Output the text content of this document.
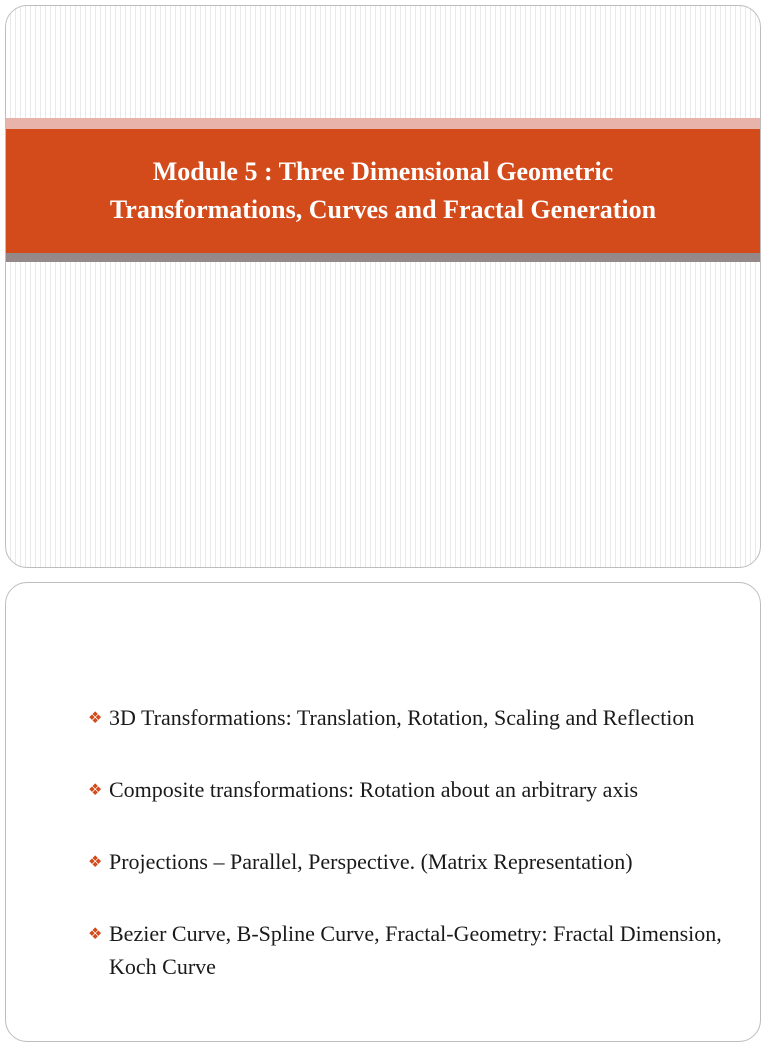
Module 5 : Three Dimensional Geometric
Transformations, Curves and Fractal Generation
❖ 3D Transformations: Translation, Rotation, Scaling and Reflection
❖ Composite transformations: Rotation about an arbitrary axis
❖ Projections – Parallel, Perspective. (Matrix Representation)
❖ Bezier Curve, B-Spline Curve, Fractal-Geometry: Fractal Dimension, Koch Curve
